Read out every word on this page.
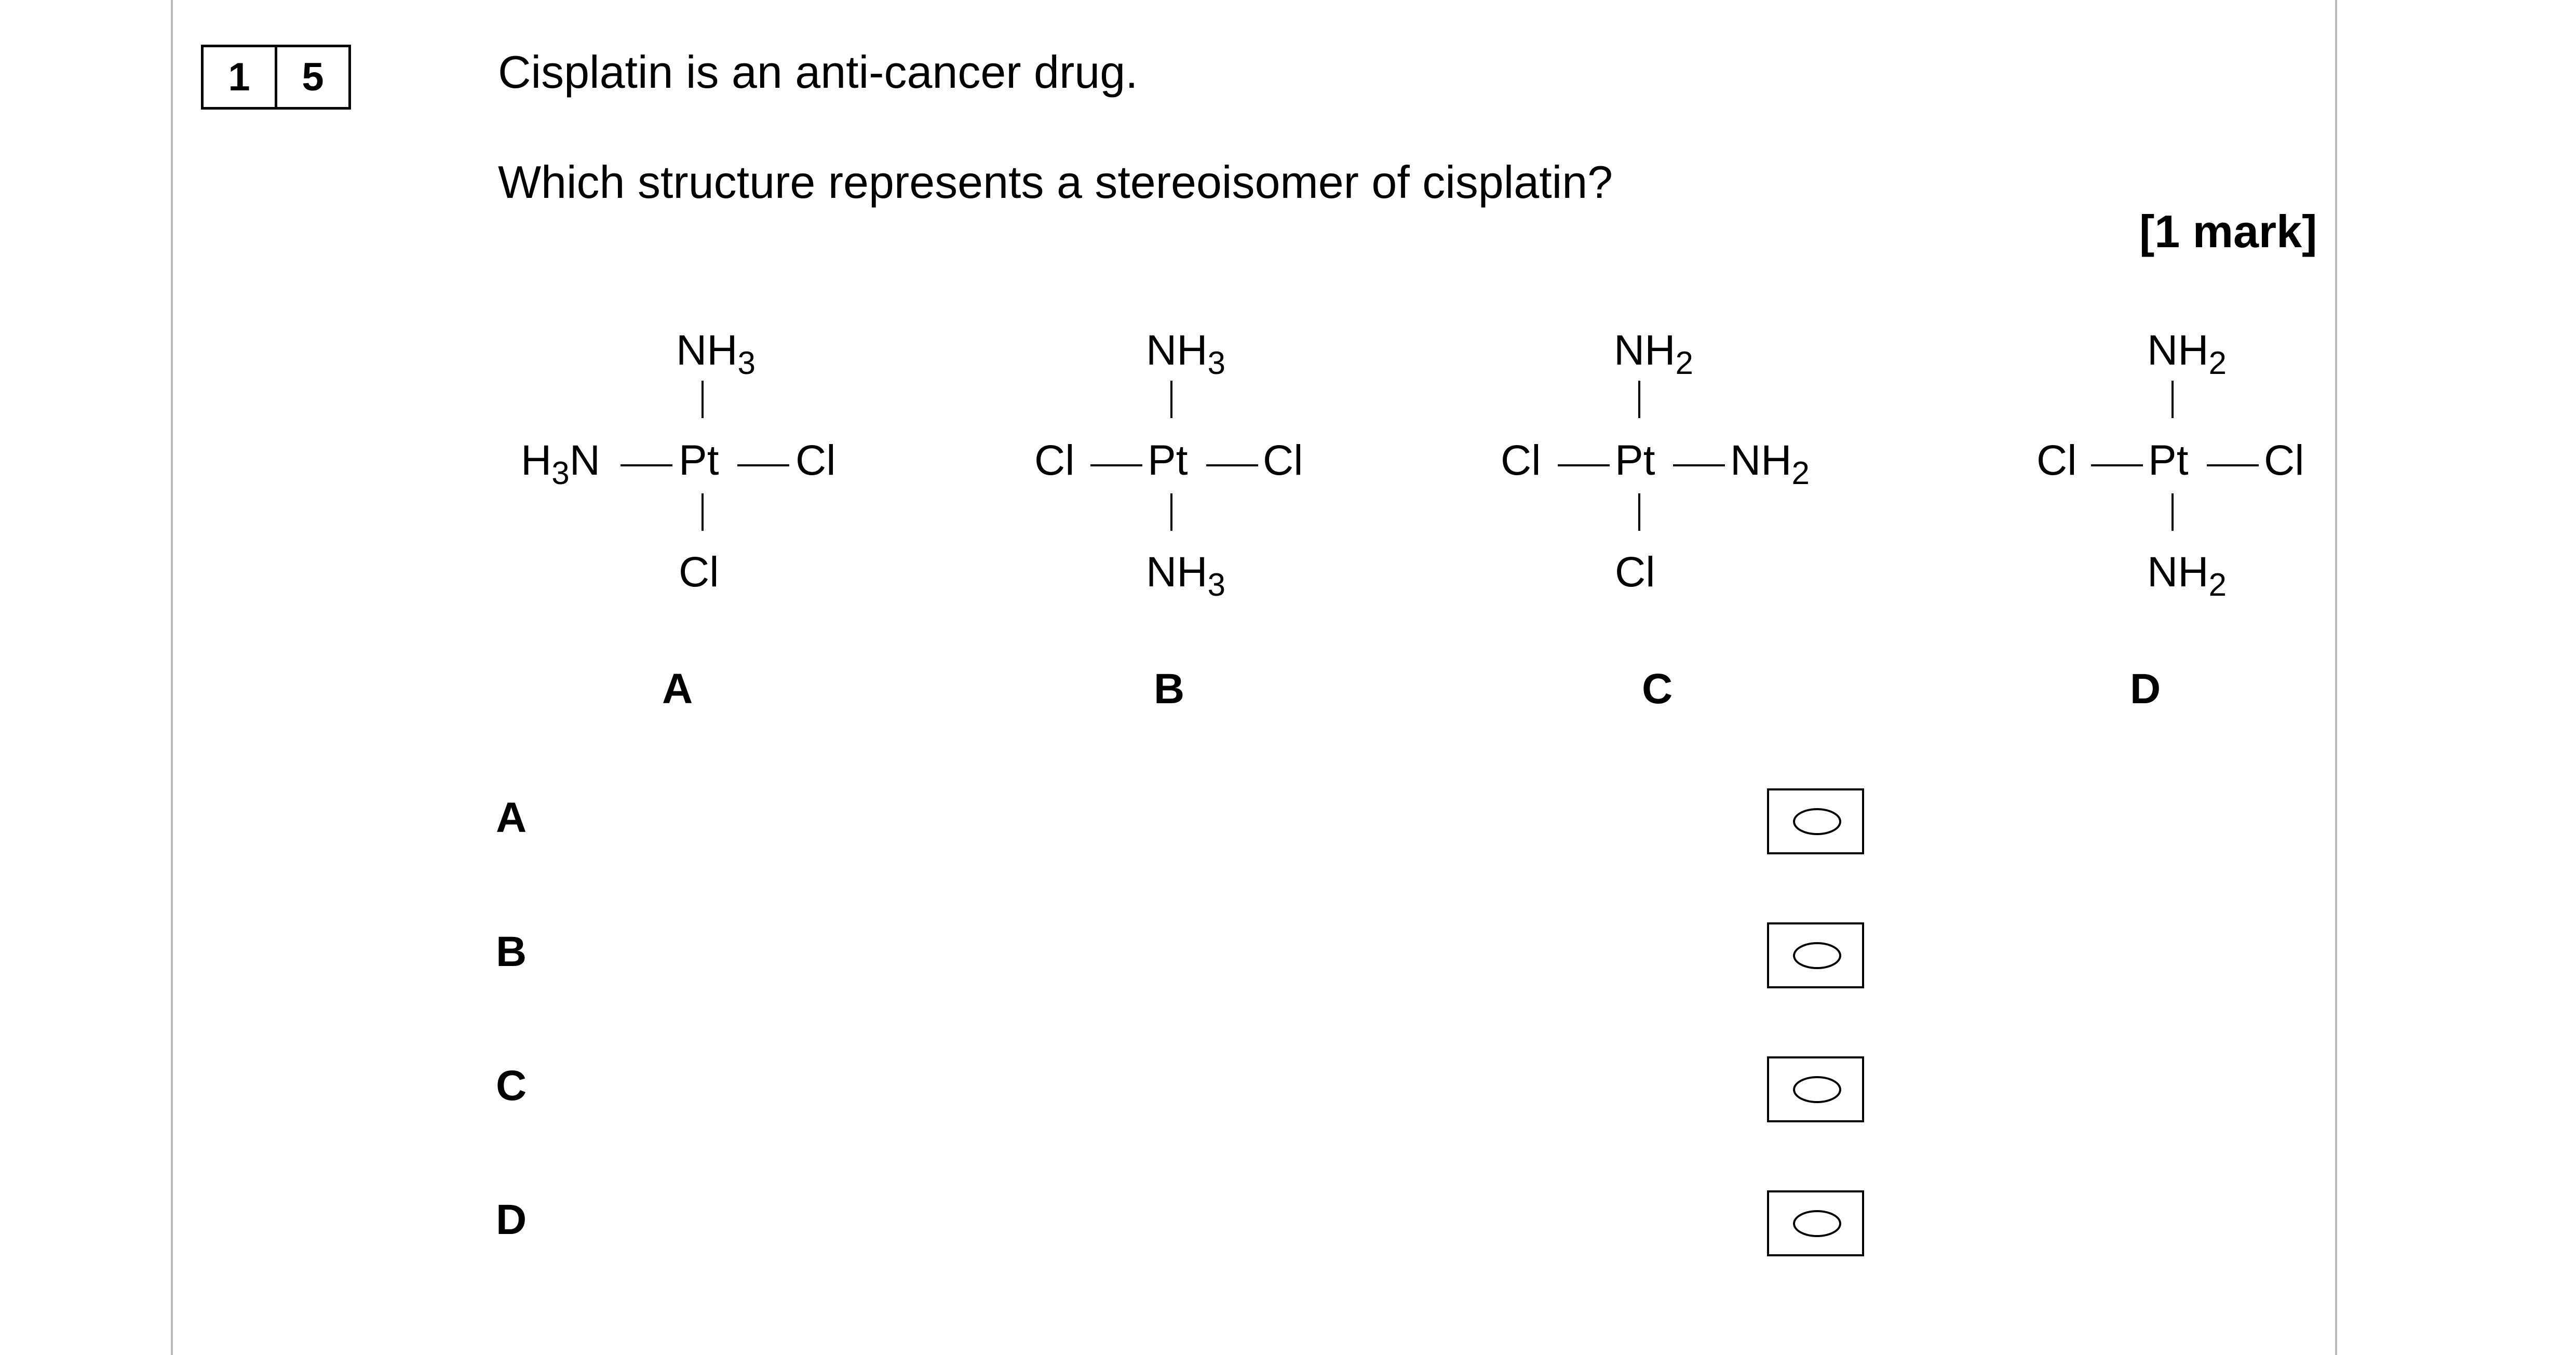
1	5	Cisplatin is an anti-cancer drug.
Which structure represents a stereoisomer of cisplatin?
[1 mark]
$NH_3$
$H_3N$ Pt Cl
Cl
A
$NH_3$
Cl Pt Cl
$NH_3$
B
$NH_2$
Cl Pt $NH_2$
Cl
C
$NH_2$
Cl Pt Cl
$NH_2$
D
A
B
C
D
